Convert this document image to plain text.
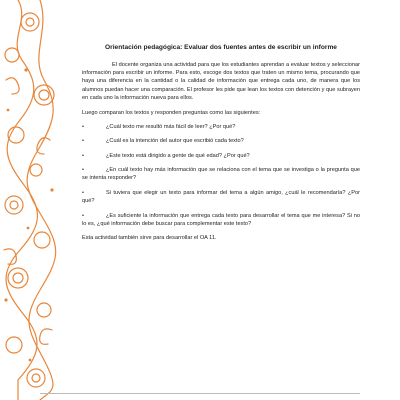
Orientación pedagógica: Evaluar dos fuentes antes de escribir un informe

El docente organiza una actividad para que los estudiantes aprendan a evaluar textos y seleccionar información para escribir un informe. Para esto, escoge dos textos que traten un mismo tema, procurando que haya una diferencia en la cantidad o la calidad de información que entrega cada uno, de manera que los alumnos puedan hacer una comparación. El profesor les pide que lean los textos con detención y que subrayen en cada uno la información nueva para ellos.

Luego comparan los textos y responden preguntas como las siguientes:

•	¿Cuál texto me resultó más fácil de leer? ¿Por qué?

•	¿Cuál es la intención del autor que escribió cada texto?

•	¿Este texto está dirigido a gente de qué edad? ¿Por qué?

•	¿En cuál texto hay más información que se relaciona con el tema que se investiga o la pregunta que se intenta responder?

•	Si tuviera que elegir un texto para informar del tema a algún amigo, ¿cuál le recomendaría? ¿Por qué?

•	¿Es suficiente la información que entrega cada texto para desarrollar el tema que me interesa? Si no lo es, ¿qué información debe buscar para complementar este texto?

Esta actividad también sirve para desarrollar el OA 11.
